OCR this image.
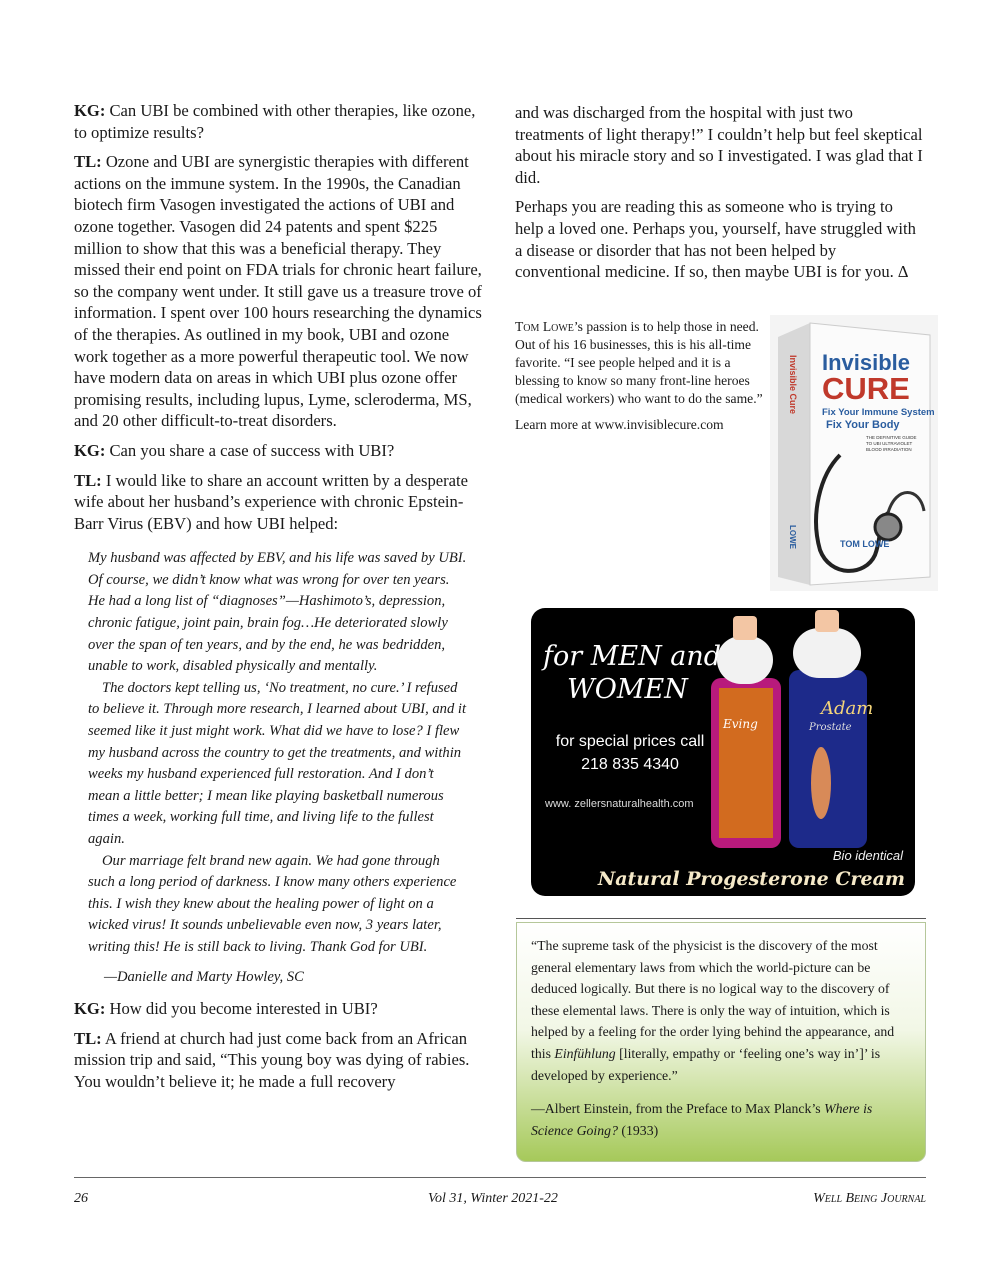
KG: Can UBI be combined with other therapies, like ozone, to optimize results?

TL: Ozone and UBI are synergistic therapies with different actions on the immune system. In the 1990s, the Canadian biotech firm Vasogen investigated the actions of UBI and ozone together. Vasogen did 24 patents and spent $225 million to show that this was a beneficial therapy. They missed their end point on FDA trials for chronic heart failure, so the company went under. It still gave us a treasure trove of information. I spent over 100 hours researching the dynamics of the therapies. As outlined in my book, UBI and ozone work together as a more powerful therapeutic tool. We now have modern data on areas in which UBI plus ozone offer promising results, including lupus, Lyme, scleroderma, MS, and 20 other difficult-to-treat disorders.

KG: Can you share a case of success with UBI?

TL: I would like to share an account written by a desperate wife about her husband’s experience with chronic Epstein-Barr Virus (EBV) and how UBI helped:

My husband was affected by EBV, and his life was saved by UBI. Of course, we didn’t know what was wrong for over ten years. He had a long list of “diagnoses”—Hashimoto’s, depression, chronic fatigue, joint pain, brain fog…He deteriorated slowly over the span of ten years, and by the end, he was bedridden, unable to work, disabled physically and mentally.

The doctors kept telling us, ‘No treatment, no cure.’ I refused to believe it. Through more research, I learned about UBI, and it seemed like it just might work. What did we have to lose? I flew my husband across the country to get the treatments, and within weeks my husband experienced full restoration. And I don’t mean a little better; I mean like playing basketball numerous times a week, working full time, and living life to the fullest again.

Our marriage felt brand new again. We had gone through such a long period of darkness. I know many others experience this. I wish they knew about the healing power of light on a wicked virus! It sounds unbelievable even now, 3 years later, writing this! He is still back to living. Thank God for UBI.

—Danielle and Marty Howley, SC

KG: How did you become interested in UBI?

TL: A friend at church had just come back from an African mission trip and said, “This young boy was dying of rabies. You wouldn’t believe it; he made a full recovery

and was discharged from the hospital with just two treatments of light therapy!” I couldn’t help but feel skeptical about his miracle story and so I investigated. I was glad that I did.

Perhaps you are reading this as someone who is trying to help a loved one. Perhaps you, yourself, have struggled with a disease or disorder that has not been helped by conventional medicine. If so, then maybe UBI is for you. ∆

Tom Lowe’s passion is to help those in need. Out of his 16 businesses, this is his all-time favorite. “I see people helped and it is a blessing to know so many front-line heroes (medical workers) who want to do the same.”

Learn more at www.invisiblecure.com

Invisible
CURE
Fix Your Immune System
Fix Your Body
THE DEFINITIVE GUIDE
TO UBI ULTRAVIOLET
BLOOD IRRADIATION
Invisible Cure
LOWE	TOM LOWE
Eving
Adam
Prostate
for MEN and
WOMEN
for special prices call
218 835 4340
www. zellersnaturalhealth.com
Bio identical
Natural Progesterone Cream

“The supreme task of the physicist is the discovery of the most general elementary laws from which the world-picture can be deduced logically. But there is no logical way to the discovery of these elemental laws. There is only the way of intuition, which is helped by a feeling for the order lying behind the appearance, and this Einfühlung [literally, empathy or ‘feeling one’s way in’]’ is developed by experience.”

—Albert Einstein, from the Preface to Max Planck’s Where is Science Going? (1933)

26	Vol 31, Winter 2021-22	Well Being Journal
